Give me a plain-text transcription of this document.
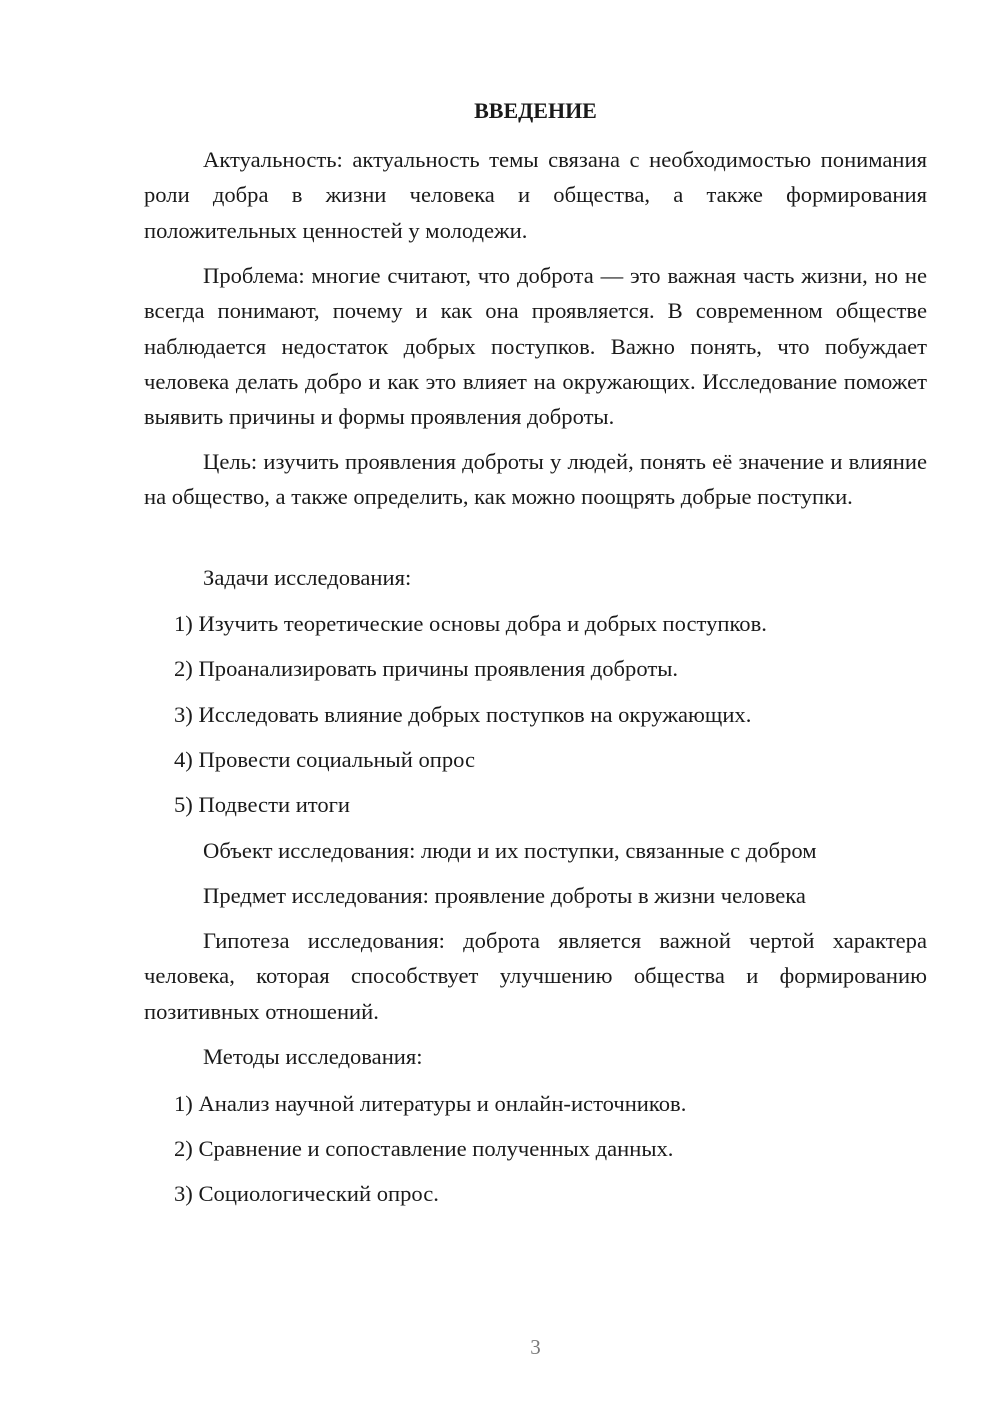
ВВЕДЕНИЕ

Актуальность: актуальность темы связана с необходимостью понимания роли добра в жизни человека и общества, а также формирования положительных ценностей у молодежи.

Проблема: многие считают, что доброта — это важная часть жизни, но не всегда понимают, почему и как она проявляется. В современном обществе наблюдается недостаток добрых поступков. Важно понять, что побуждает человека делать добро и как это влияет на окружающих. Исследование поможет выявить причины и формы проявления доброты.

Цель: изучить проявления доброты у людей, понять её значение и влияние на общество, а также определить, как можно поощрять добрые поступки.

Задачи исследования:

1) Изучить теоретические основы добра и добрых поступков.

2) Проанализировать причины проявления доброты.

3) Исследовать влияние добрых поступков на окружающих.

4) Провести социальный опрос

5) Подвести итоги

Объект исследования: люди и их поступки, связанные с добром

Предмет исследования: проявление доброты в жизни человека

Гипотеза исследования: доброта является важной чертой характера человека, которая способствует улучшению общества и формированию позитивных отношений.

Методы исследования:

1) Анализ научной литературы и онлайн-источников.

2) Сравнение и сопоставление полученных данных.

3) Социологический опрос.

3
